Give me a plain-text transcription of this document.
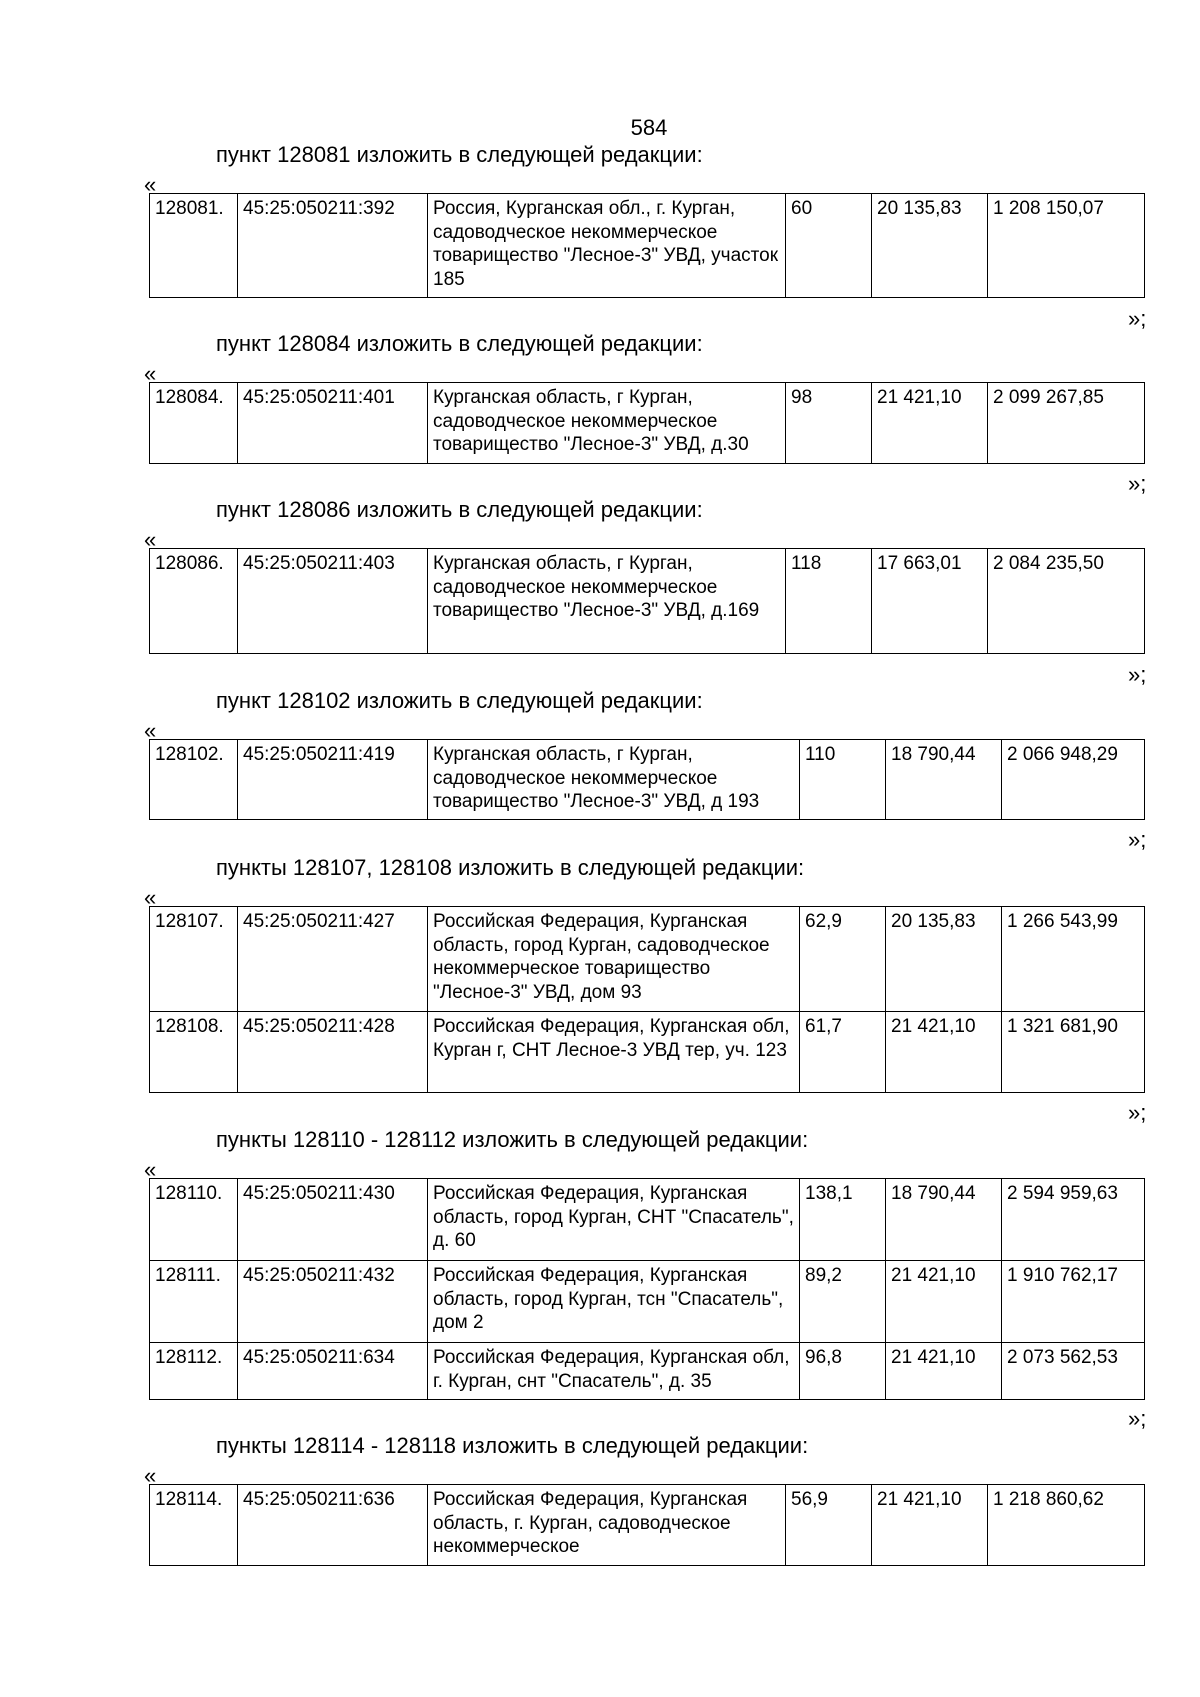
584
пункт 128081 изложить в следующей редакции:
«
128081.	45:25:050211:392	Россия, Курганская обл., г. Курган, садоводческое некоммерческое товарищество "Лесное-3" УВД, участок 185	60	20 135,83	1 208 150,07
»;
пункт 128084 изложить в следующей редакции:
«
128084.	45:25:050211:401	Курганская область, г Курган, садоводческое некоммерческое товарищество "Лесное-3" УВД, д.30	98	21 421,10	2 099 267,85
»;
пункт 128086 изложить в следующей редакции:
«
128086.	45:25:050211:403	Курганская область, г Курган, садоводческое некоммерческое товарищество "Лесное-3" УВД, д.169	118	17 663,01	2 084 235,50
»;
пункт 128102 изложить в следующей редакции:
«
128102.	45:25:050211:419	Курганская область, г Курган, садоводческое некоммерческое товарищество "Лесное-3" УВД, д 193	110	18 790,44	2 066 948,29
»;
пункты 128107, 128108 изложить в следующей редакции:
«
128107.	45:25:050211:427	Российская Федерация, Курганская область, город Курган, садоводческое некоммерческое товарищество "Лесное-3" УВД, дом 93	62,9	20 135,83	1 266 543,99
128108.	45:25:050211:428	Российская Федерация, Курганская обл, Курган г, СНТ Лесное-3 УВД тер, уч. 123	61,7	21 421,10	1 321 681,90
»;
пункты 128110 - 128112 изложить в следующей редакции:
«
128110.	45:25:050211:430	Российская Федерация, Курганская область, город Курган, СНТ "Спасатель", д. 60	138,1	18 790,44	2 594 959,63
128111.	45:25:050211:432	Российская Федерация, Курганская область, город Курган, тсн "Спасатель", дом 2	89,2	21 421,10	1 910 762,17
128112.	45:25:050211:634	Российская Федерация, Курганская обл, г. Курган, снт "Спасатель", д. 35	96,8	21 421,10	2 073 562,53
»;
пункты 128114 - 128118 изложить в следующей редакции:
«
128114.	45:25:050211:636	Российская Федерация, Курганская область, г. Курган, садоводческое некоммерческое	56,9	21 421,10	1 218 860,62
